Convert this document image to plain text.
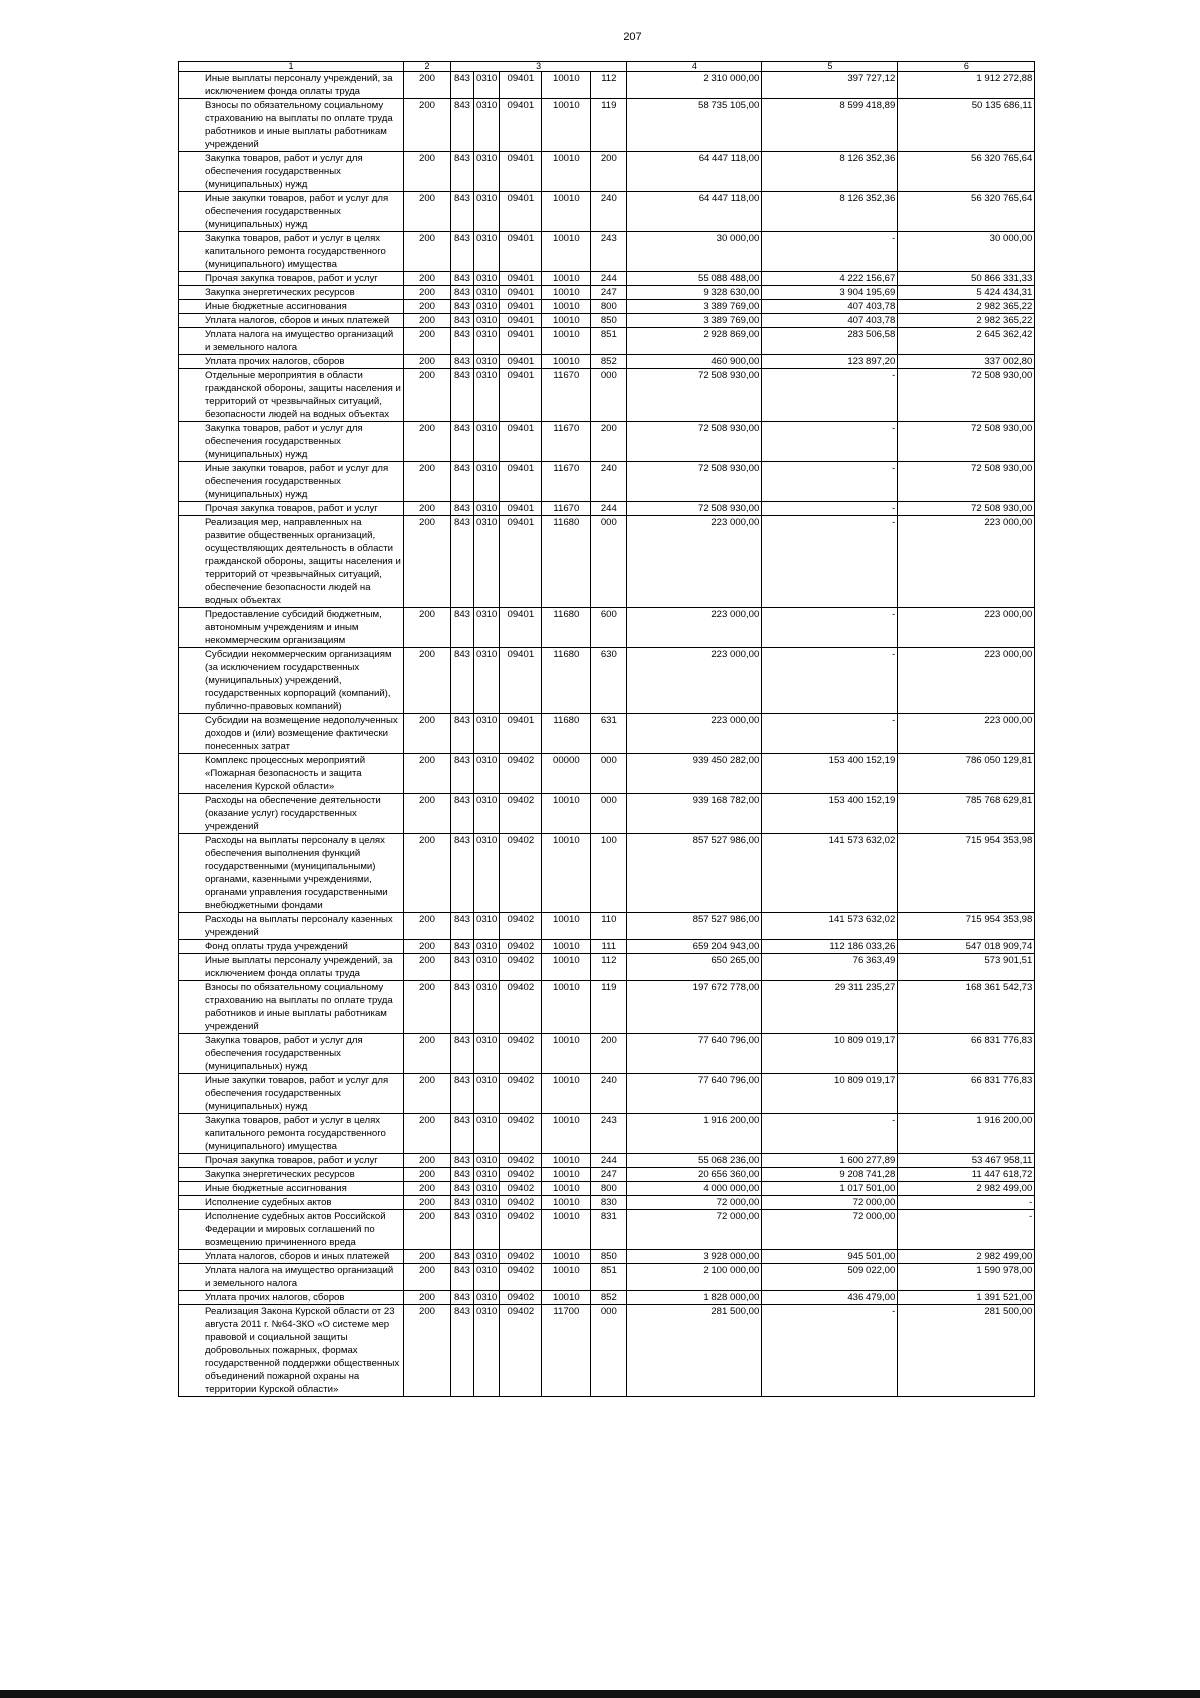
207
1	2	3					4	5	6
Иные выплаты персоналу учреждений, за исключением фонда оплаты труда	200	843	0310	09401	10010	112	2 310 000,00	397 727,12	1 912 272,88
Взносы по обязательному социальному страхованию на выплаты по оплате труда работников и иные выплаты работникам учреждений	200	843	0310	09401	10010	119	58 735 105,00	8 599 418,89	50 135 686,11
Закупка товаров, работ и услуг для обеспечения государственных (муниципальных) нужд	200	843	0310	09401	10010	200	64 447 118,00	8 126 352,36	56 320 765,64
Иные закупки товаров, работ и услуг для обеспечения государственных (муниципальных) нужд	200	843	0310	09401	10010	240	64 447 118,00	8 126 352,36	56 320 765,64
Закупка товаров, работ и услуг в целях капитального ремонта государственного (муниципального) имущества	200	843	0310	09401	10010	243	30 000,00	-	30 000,00
Прочая закупка товаров, работ и услуг	200	843	0310	09401	10010	244	55 088 488,00	4 222 156,67	50 866 331,33
Закупка энергетических ресурсов	200	843	0310	09401	10010	247	9 328 630,00	3 904 195,69	5 424 434,31
Иные бюджетные ассигнования	200	843	0310	09401	10010	800	3 389 769,00	407 403,78	2 982 365,22
Уплата налогов, сборов и иных платежей	200	843	0310	09401	10010	850	3 389 769,00	407 403,78	2 982 365,22
Уплата налога на имущество организаций и земельного налога	200	843	0310	09401	10010	851	2 928 869,00	283 506,58	2 645 362,42
Уплата прочих налогов, сборов	200	843	0310	09401	10010	852	460 900,00	123 897,20	337 002,80
Отдельные мероприятия в области гражданской обороны, защиты населения и территорий от чрезвычайных ситуаций, безопасности людей на водных объектах	200	843	0310	09401	11670	000	72 508 930,00	-	72 508 930,00
Закупка товаров, работ и услуг для обеспечения государственных (муниципальных) нужд	200	843	0310	09401	11670	200	72 508 930,00	-	72 508 930,00
Иные закупки товаров, работ и услуг для обеспечения государственных (муниципальных) нужд	200	843	0310	09401	11670	240	72 508 930,00	-	72 508 930,00
Прочая закупка товаров, работ и услуг	200	843	0310	09401	11670	244	72 508 930,00	-	72 508 930,00
Реализация мер, направленных на развитие общественных организаций, осуществляющих деятельность в области гражданской обороны, защиты населения и территорий от чрезвычайных ситуаций, обеспечение безопасности людей на водных объектах	200	843	0310	09401	11680	000	223 000,00	-	223 000,00
Предоставление субсидий бюджетным, автономным учреждениям и иным некоммерческим организациям	200	843	0310	09401	11680	600	223 000,00	-	223 000,00
Субсидии некоммерческим организациям (за исключением государственных (муниципальных) учреждений, государственных корпораций (компаний), публично-правовых компаний)	200	843	0310	09401	11680	630	223 000,00	-	223 000,00
Субсидии на возмещение недополученных доходов и (или) возмещение фактически понесенных затрат	200	843	0310	09401	11680	631	223 000,00	-	223 000,00
Комплекс процессных мероприятий «Пожарная безопасность и защита населения Курской области»	200	843	0310	09402	00000	000	939 450 282,00	153 400 152,19	786 050 129,81
Расходы на обеспечение деятельности (оказание услуг) государственных учреждений	200	843	0310	09402	10010	000	939 168 782,00	153 400 152,19	785 768 629,81
Расходы на выплаты персоналу в целях обеспечения выполнения функций государственными (муниципальными) органами, казенными учреждениями, органами управления государственными внебюджетными фондами	200	843	0310	09402	10010	100	857 527 986,00	141 573 632,02	715 954 353,98
Расходы на выплаты персоналу казенных учреждений	200	843	0310	09402	10010	110	857 527 986,00	141 573 632,02	715 954 353,98
Фонд оплаты труда учреждений	200	843	0310	09402	10010	111	659 204 943,00	112 186 033,26	547 018 909,74
Иные выплаты персоналу учреждений, за исключением фонда оплаты труда	200	843	0310	09402	10010	112	650 265,00	76 363,49	573 901,51
Взносы по обязательному социальному страхованию на выплаты по оплате труда работников и иные выплаты работникам учреждений	200	843	0310	09402	10010	119	197 672 778,00	29 311 235,27	168 361 542,73
Закупка товаров, работ и услуг для обеспечения государственных (муниципальных) нужд	200	843	0310	09402	10010	200	77 640 796,00	10 809 019,17	66 831 776,83
Иные закупки товаров, работ и услуг для обеспечения государственных (муниципальных) нужд	200	843	0310	09402	10010	240	77 640 796,00	10 809 019,17	66 831 776,83
Закупка товаров, работ и услуг в целях капитального ремонта государственного (муниципального) имущества	200	843	0310	09402	10010	243	1 916 200,00	-	1 916 200,00
Прочая закупка товаров, работ и услуг	200	843	0310	09402	10010	244	55 068 236,00	1 600 277,89	53 467 958,11
Закупка энергетических ресурсов	200	843	0310	09402	10010	247	20 656 360,00	9 208 741,28	11 447 618,72
Иные бюджетные ассигнования	200	843	0310	09402	10010	800	4 000 000,00	1 017 501,00	2 982 499,00
Исполнение судебных актов	200	843	0310	09402	10010	830	72 000,00	72 000,00	-
Исполнение судебных актов Российской Федерации и мировых соглашений по возмещению причиненного вреда	200	843	0310	09402	10010	831	72 000,00	72 000,00	-
Уплата налогов, сборов и иных платежей	200	843	0310	09402	10010	850	3 928 000,00	945 501,00	2 982 499,00
Уплата налога на имущество организаций и земельного налога	200	843	0310	09402	10010	851	2 100 000,00	509 022,00	1 590 978,00
Уплата прочих налогов, сборов	200	843	0310	09402	10010	852	1 828 000,00	436 479,00	1 391 521,00
Реализация Закона Курской области от 23 августа 2011 г. №64-ЗКО «О системе мер правовой и социальной защиты добровольных пожарных, формах государственной поддержки общественных объединений пожарной охраны на территории Курской области»	200	843	0310	09402	11700	000	281 500,00	-	281 500,00
